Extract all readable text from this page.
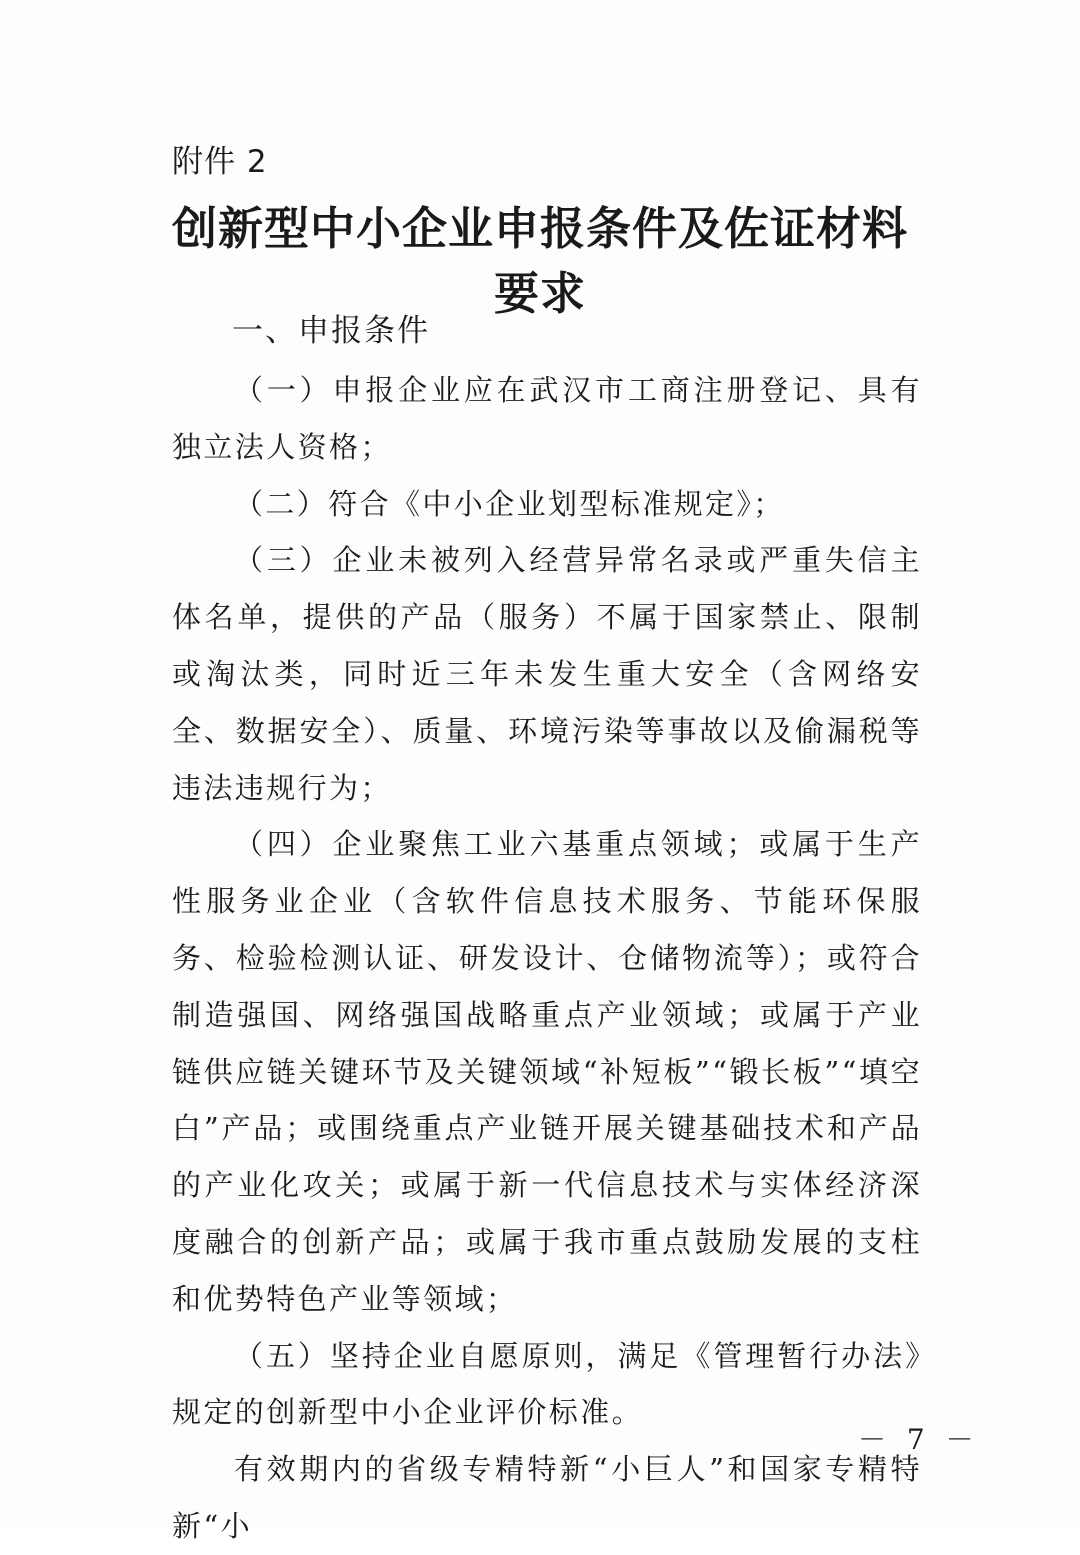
附件 2
创新型中小企业申报条件及佐证材料要求
一、申报条件

（一）申报企业应在武汉市工商注册登记、具有独立法人资格；

（二）符合《中小企业划型标准规定》；

（三）企业未被列入经营异常名录或严重失信主体名单，提供的产品（服务）不属于国家禁止、限制或淘汰类，同时近三年未发生重大安全（含网络安全、数据安全）、质量、环境污染等事故以及偷漏税等违法违规行为；

（四）企业聚焦工业六基重点领域；或属于生产性服务业企业（含软件信息技术服务、节能环保服务、检验检测认证、研发设计、仓储物流等）；或符合制造强国、网络强国战略重点产业领域；或属于产业链供应链关键环节及关键领域“补短板”“锻长板”“填空白”产品；或围绕重点产业链开展关键基础技术和产品的产业化攻关；或属于新一代信息技术与实体经济深度融合的创新产品；或属于我市重点鼓励发展的支柱和优势特色产业等领域；

（五）坚持企业自愿原则，满足《管理暂行办法》规定的创新型中小企业评价标准。

有效期内的省级专精特新“小巨人”和国家专精特新“小

－ 7 －
